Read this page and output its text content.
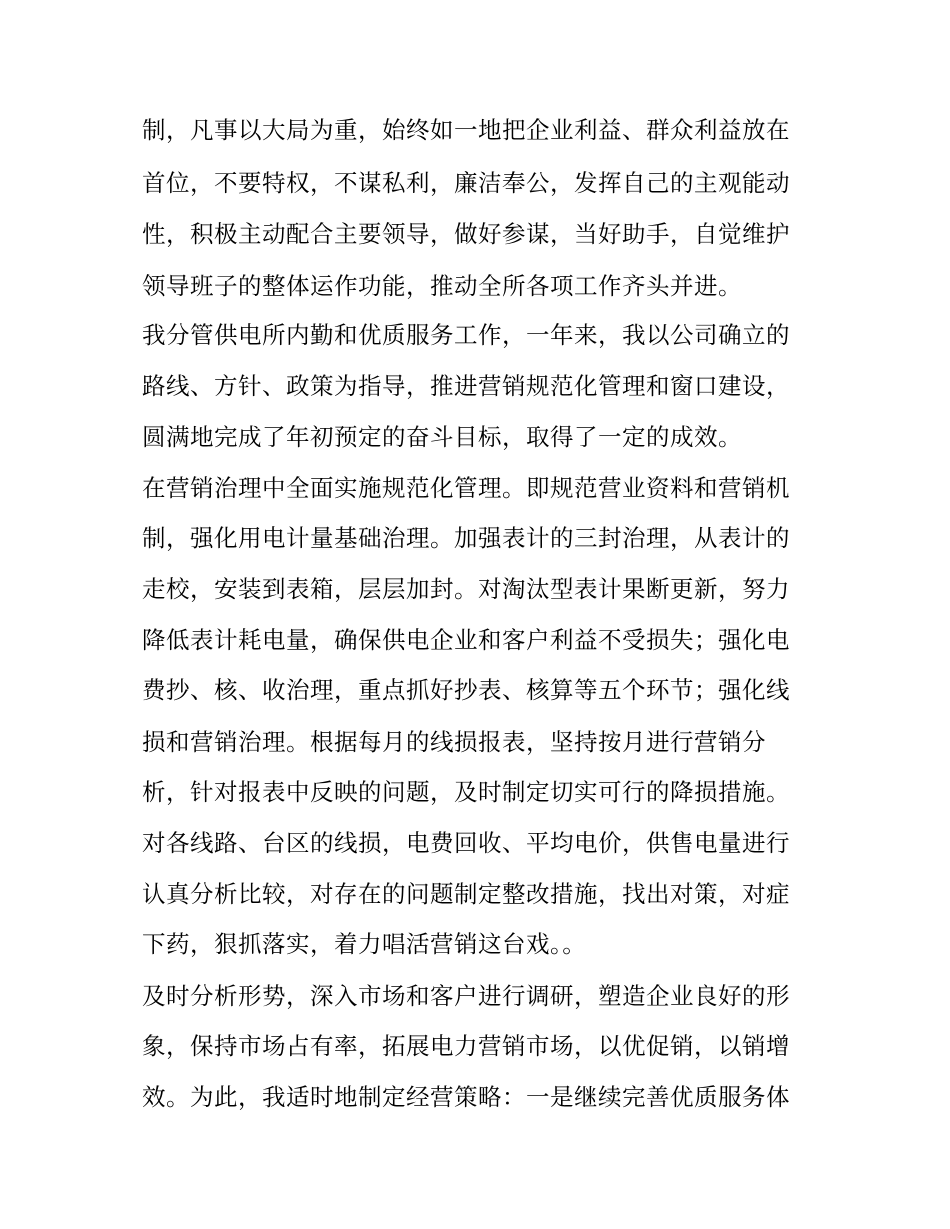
制，凡事以大局为重，始终如一地把企业利益、群众利益放在
首位，不要特权，不谋私利，廉洁奉公，发挥自己的主观能动
性，积极主动配合主要领导，做好参谋，当好助手，自觉维护
领导班子的整体运作功能，推动全所各项工作齐头并进。
我分管供电所内勤和优质服务工作，一年来，我以公司确立的
路线、方针、政策为指导，推进营销规范化管理和窗口建设，
圆满地完成了年初预定的奋斗目标，取得了一定的成效。
在营销治理中全面实施规范化管理。即规范营业资料和营销机
制，强化用电计量基础治理。加强表计的三封治理，从表计的
走校，安装到表箱，层层加封。对淘汰型表计果断更新，努力
降低表计耗电量，确保供电企业和客户利益不受损失；强化电
费抄、核、收治理，重点抓好抄表、核算等五个环节；强化线
损和营销治理。根据每月的线损报表，坚持按月进行营销分
析，针对报表中反映的问题，及时制定切实可行的降损措施。
对各线路、台区的线损，电费回收、平均电价，供售电量进行
认真分析比较，对存在的问题制定整改措施，找出对策，对症
下药，狠抓落实，着力唱活营销这台戏。。
及时分析形势，深入市场和客户进行调研，塑造企业良好的形
象，保持市场占有率，拓展电力营销市场，以优促销，以销增
效。为此，我适时地制定经营策略：一是继续完善优质服务体
